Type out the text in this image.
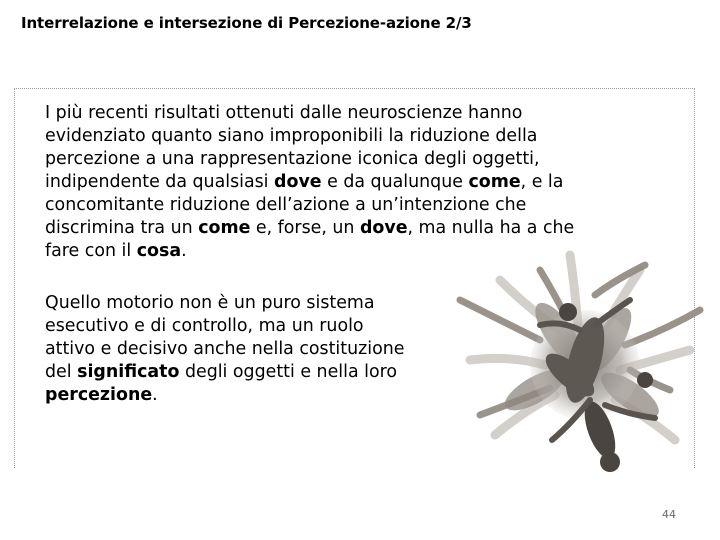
Interrelazione e intersezione di Percezione-azione 2/3
I più recenti risultati ottenuti dalle neuroscienze hanno
evidenziato quanto siano improponibili la riduzione della
percezione a una rappresentazione iconica degli oggetti,
indipendente da qualsiasi dove e da qualunque come, e la
concomitante riduzione dell’azione a un’intenzione che
discrimina tra un come e, forse, un dove, ma nulla ha a che
fare con il cosa.
Quello motorio non è un puro sistema
esecutivo e di controllo, ma un ruolo
attivo e decisivo anche nella costituzione
del significato degli oggetti e nella loro
percezione.
44
